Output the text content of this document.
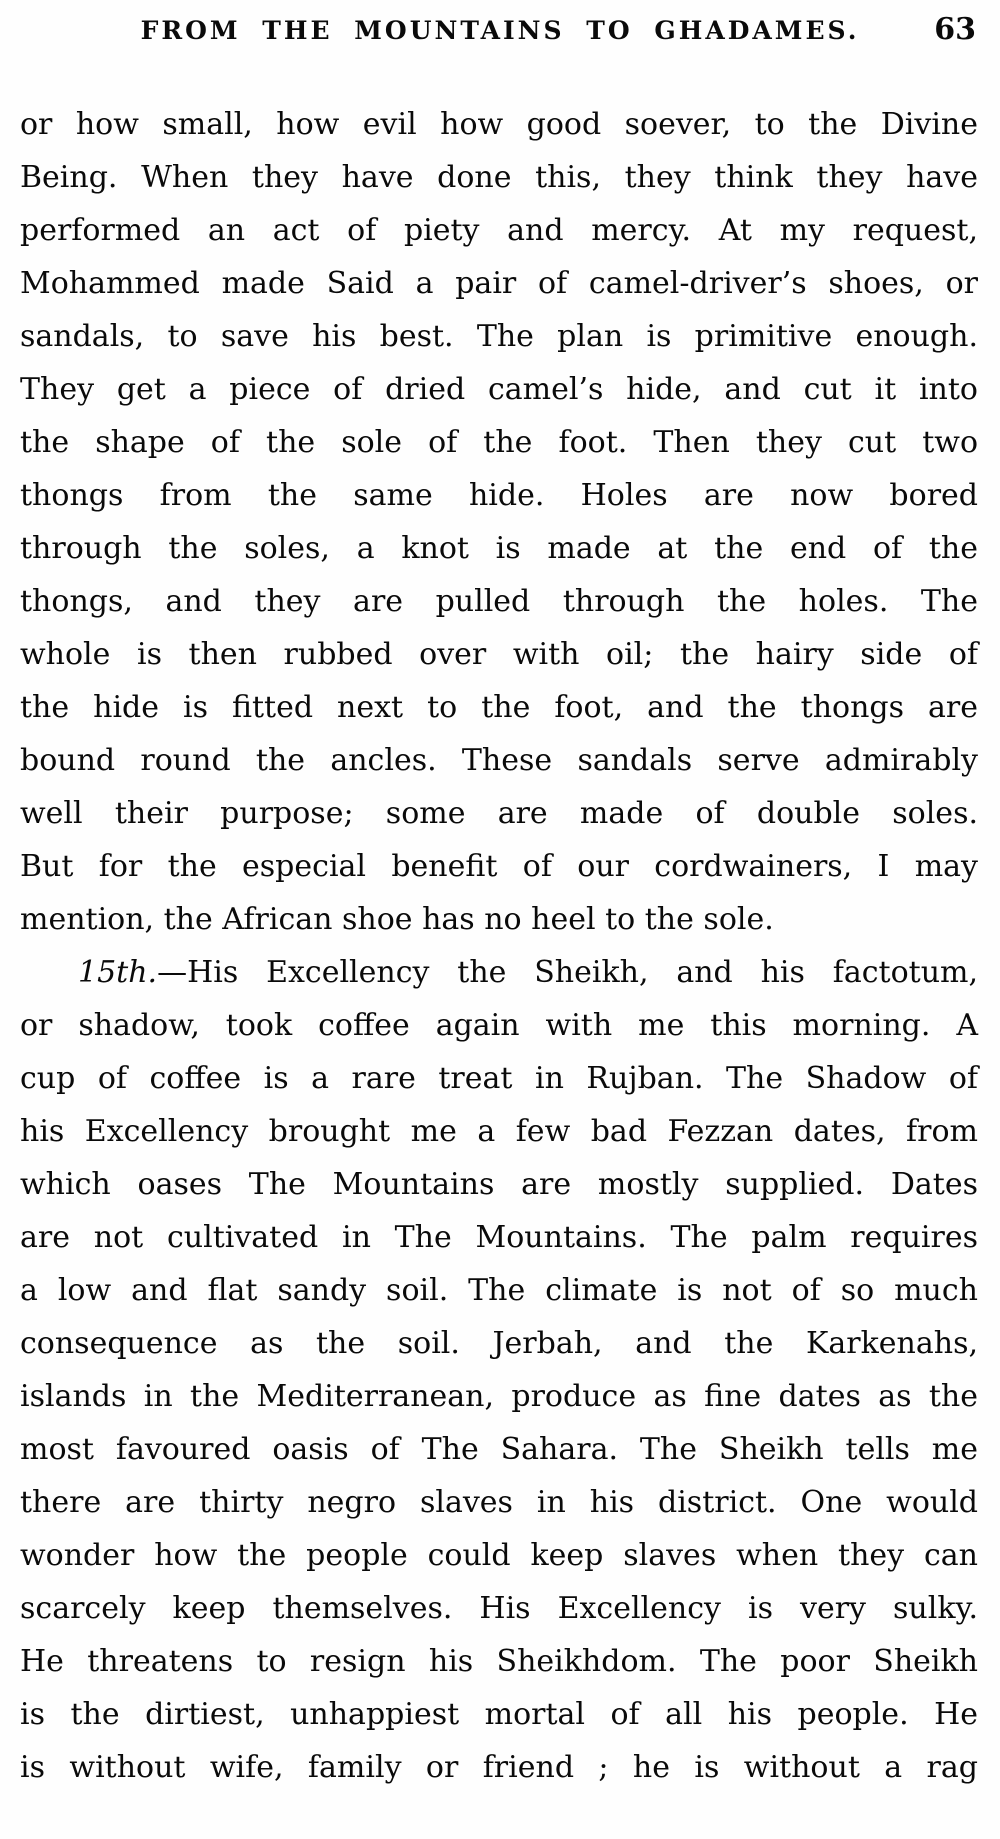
FROM THE MOUNTAINS TO GHADAMES. 63
or how small, how evil how good soever, to the Divine
Being. When they have done this, they think they have
performed an act of piety and mercy. At my request,
Mohammed made Said a pair of camel-driver’s shoes, or
sandals, to save his best. The plan is primitive enough.
They get a piece of dried camel’s hide, and cut it into
the shape of the sole of the foot. Then they cut two
thongs from the same hide. Holes are now bored
through the soles, a knot is made at the end of the
thongs, and they are pulled through the holes. The
whole is then rubbed over with oil; the hairy side of
the hide is fitted next to the foot, and the thongs are
bound round the ancles. These sandals serve admirably
well their purpose; some are made of double soles.
But for the especial benefit of our cordwainers, I may
mention, the African shoe has no heel to the sole.
15th.—His Excellency the Sheikh, and his factotum,
or shadow, took coffee again with me this morning. A
cup of coffee is a rare treat in Rujban. The Shadow of
his Excellency brought me a few bad Fezzan dates, from
which oases The Mountains are mostly supplied. Dates
are not cultivated in The Mountains. The palm requires
a low and flat sandy soil. The climate is not of so much
consequence as the soil. Jerbah, and the Karkenahs,
islands in the Mediterranean, produce as fine dates as the
most favoured oasis of The Sahara. The Sheikh tells me
there are thirty negro slaves in his district. One would
wonder how the people could keep slaves when they can
scarcely keep themselves. His Excellency is very sulky.
He threatens to resign his Sheikhdom. The poor Sheikh
is the dirtiest, unhappiest mortal of all his people. He
is without wife, family or friend ; he is without a rag
